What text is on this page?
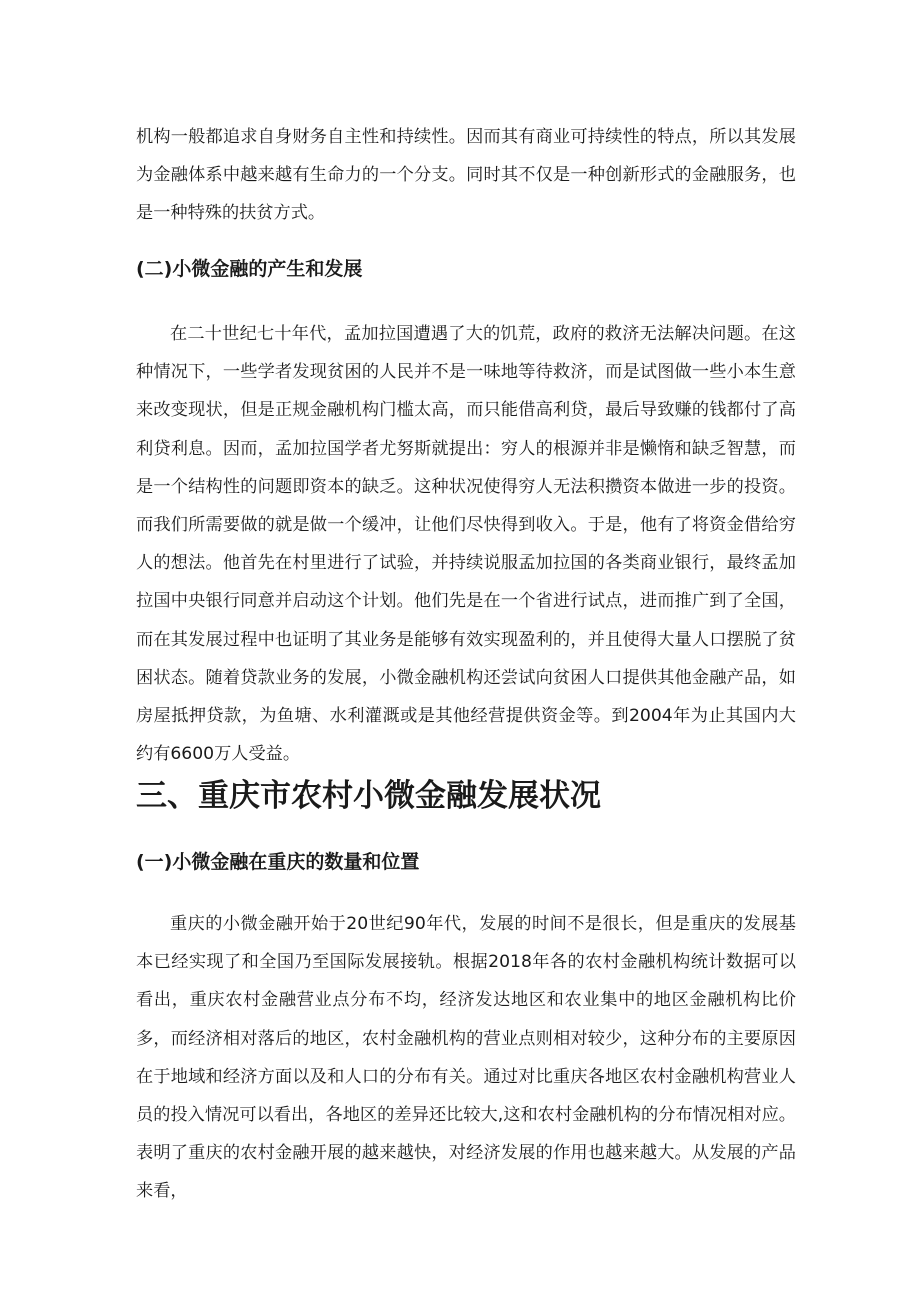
机构一般都追求自身财务自主性和持续性。因而其有商业可持续性的特点，所以其发展为金融体系中越来越有生命力的一个分支。同时其不仅是一种创新形式的金融服务，也是一种特殊的扶贫方式。

(二)小微金融的产生和发展

在二十世纪七十年代，孟加拉国遭遇了大的饥荒，政府的救济无法解决问题。在这种情况下，一些学者发现贫困的人民并不是一味地等待救济，而是试图做一些小本生意来改变现状，但是正规金融机构门槛太高，而只能借高利贷，最后导致赚的钱都付了高利贷利息。因而，孟加拉国学者尤努斯就提出：穷人的根源并非是懒惰和缺乏智慧，而是一个结构性的问题即资本的缺乏。这种状况使得穷人无法积攒资本做进一步的投资。而我们所需要做的就是做一个缓冲，让他们尽快得到收入。于是，他有了将资金借给穷人的想法。他首先在村里进行了试验，并持续说服孟加拉国的各类商业银行，最终孟加拉国中央银行同意并启动这个计划。他们先是在一个省进行试点，进而推广到了全国，而在其发展过程中也证明了其业务是能够有效实现盈利的，并且使得大量人口摆脱了贫困状态。随着贷款业务的发展，小微金融机构还尝试向贫困人口提供其他金融产品，如房屋抵押贷款，为鱼塘、水利灌溉或是其他经营提供资金等。到2004年为止其国内大约有6600万人受益。

三、重庆市农村小微金融发展状况
(一)小微金融在重庆的数量和位置

重庆的小微金融开始于20世纪90年代，发展的时间不是很长，但是重庆的发展基本已经实现了和全国乃至国际发展接轨。根据2018年各的农村金融机构统计数据可以看出，重庆农村金融营业点分布不均，经济发达地区和农业集中的地区金融机构比价多，而经济相对落后的地区，农村金融机构的营业点则相对较少，这种分布的主要原因在于地域和经济方面以及和人口的分布有关。通过对比重庆各地区农村金融机构营业人员的投入情况可以看出，各地区的差异还比较大,这和农村金融机构的分布情况相对应。表明了重庆的农村金融开展的越来越快，对经济发展的作用也越来越大。从发展的产品来看，
